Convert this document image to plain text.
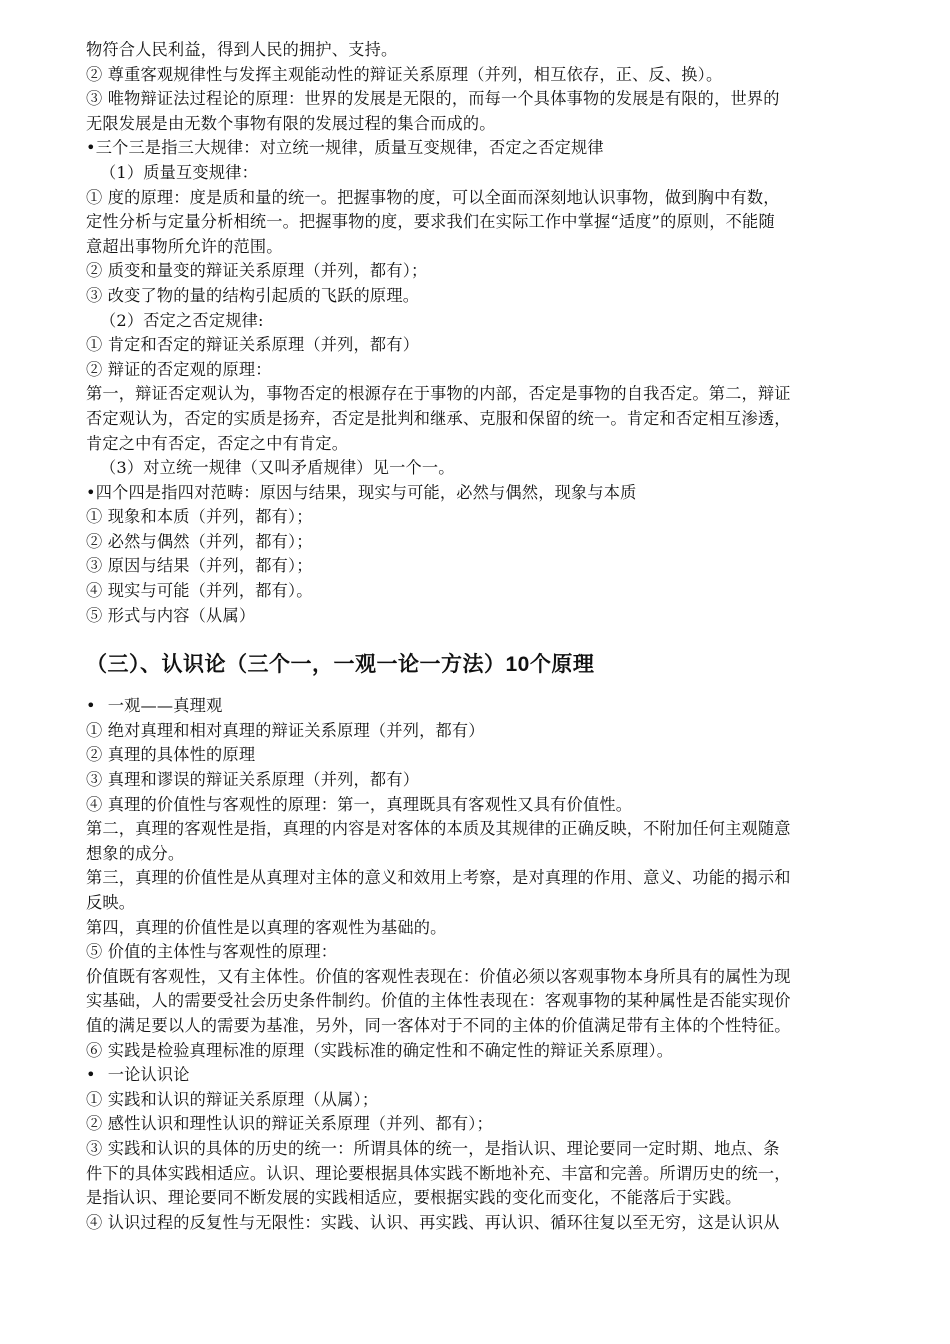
物符合人民利益，得到人民的拥护、支持。
② 尊重客观规律性与发挥主观能动性的辩证关系原理（并列，相互依存，正、反、换）。
③ 唯物辩证法过程论的原理：世界的发展是无限的，而每一个具体事物的发展是有限的，世界的
无限发展是由无数个事物有限的发展过程的集合而成的。
•三个三是指三大规律：对立统一规律，质量互变规律，否定之否定规律
（1）质量互变规律：
① 度的原理：度是质和量的统一。把握事物的度，可以全面而深刻地认识事物，做到胸中有数，
定性分析与定量分析相统一。把握事物的度，要求我们在实际工作中掌握“适度”的原则，不能随
意超出事物所允许的范围。
② 质变和量变的辩证关系原理（并列，都有）；
③ 改变了物的量的结构引起质的飞跃的原理。
（2）否定之否定规律:
① 肯定和否定的辩证关系原理（并列，都有）
② 辩证的否定观的原理：
第一，辩证否定观认为，事物否定的根源存在于事物的内部，否定是事物的自我否定。第二，辩证
否定观认为，否定的实质是扬弃，否定是批判和继承、克服和保留的统一。肯定和否定相互渗透，
肯定之中有否定，否定之中有肯定。
（3）对立统一规律（又叫矛盾规律）见一个一。
•四个四是指四对范畴：原因与结果，现实与可能，必然与偶然，现象与本质
① 现象和本质（并列，都有）；
② 必然与偶然（并列，都有）；
③ 原因与结果（并列，都有）；
④ 现实与可能（并列，都有）。
⑤ 形式与内容（从属）
（三）、认识论（三个一，一观一论一方法）10个原理
• 一观——真理观
① 绝对真理和相对真理的辩证关系原理（并列，都有）
② 真理的具体性的原理
③ 真理和谬误的辩证关系原理（并列，都有）
④ 真理的价值性与客观性的原理：第一，真理既具有客观性又具有价值性。
第二，真理的客观性是指，真理的内容是对客体的本质及其规律的正确反映，不附加任何主观随意
想象的成分。
第三，真理的价值性是从真理对主体的意义和效用上考察，是对真理的作用、意义、功能的揭示和
反映。
第四，真理的价值性是以真理的客观性为基础的。
⑤ 价值的主体性与客观性的原理：
价值既有客观性，又有主体性。价值的客观性表现在：价值必须以客观事物本身所具有的属性为现
实基础，人的需要受社会历史条件制约。价值的主体性表现在：客观事物的某种属性是否能实现价
值的满足要以人的需要为基准，另外，同一客体对于不同的主体的价值满足带有主体的个性特征。
⑥ 实践是检验真理标准的原理（实践标准的确定性和不确定性的辩证关系原理）。
• 一论认识论
① 实践和认识的辩证关系原理（从属）；
② 感性认识和理性认识的辩证关系原理（并列、都有）；
③ 实践和认识的具体的历史的统一：所谓具体的统一，是指认识、理论要同一定时期、地点、条
件下的具体实践相适应。认识、理论要根据具体实践不断地补充、丰富和完善。所谓历史的统一，
是指认识、理论要同不断发展的实践相适应，要根据实践的变化而变化，不能落后于实践。
④ 认识过程的反复性与无限性：实践、认识、再实践、再认识、循环往复以至无穷，这是认识从
